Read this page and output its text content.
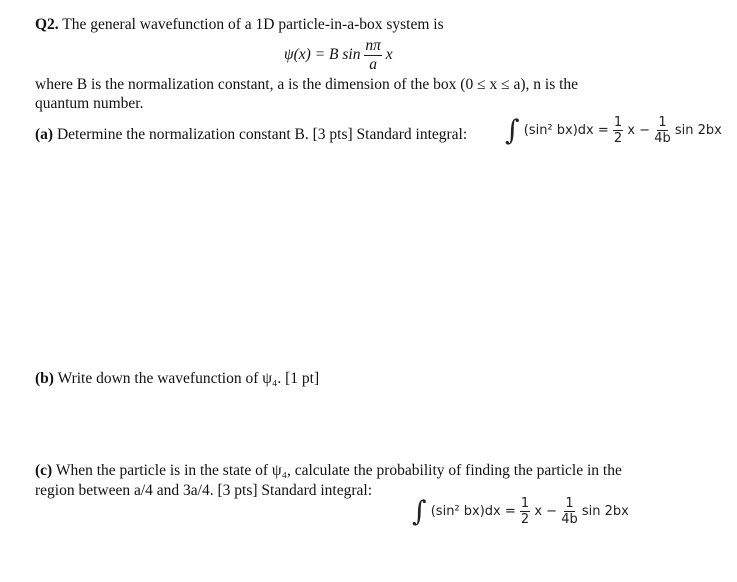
Q2. The general wavefunction of a 1D particle-in-a-box system is
ψ(x) = B $\sin \frac{n\pi}{a}$ x
where B is the normalization constant, a is the dimension of the box (0 ≤ x ≤ a), n is the
quantum number.
(a) Determine the normalization constant B. [3 pts] Standard integral: ∫ (sin² $bx)dx = \frac{1}{2}$ $x - \frac{1}{4b}$ sin 2bx
(b) Write down the wavefunction of ψ₄. [1 pt]
(c) When the particle is in the state of ψ₄, calculate the probability of finding the particle in the
region between a/4 and 3a/4. [3 pts] Standard integral:
∫ (sin² $bx)dx = \frac{1}{2}$ $x - \frac{1}{4b}$ sin 2bx
